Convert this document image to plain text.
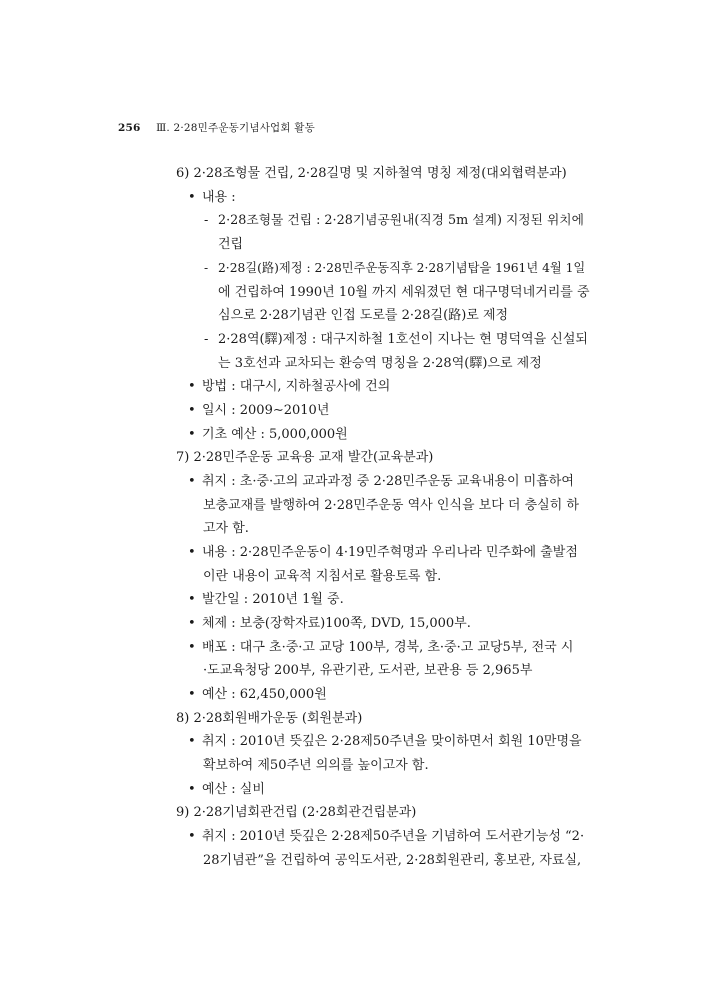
256 Ⅲ. 2·28민주운동기념사업회 활동
6) 2·28조형물 건립, 2·28길명 및 지하철역 명칭 제정(대외협력분과)
• 내용 :
- 2·28조형물 건립 : 2·28기념공원내(직경 5m 설계) 지정된 위치에
건립
- 2·28길(路)제정 : 2·28민주운동직후 2·28기념탑을 1961년 4월 1일
에 건립하여 1990년 10월 까지 세워졌던 현 대구명덕네거리를 중
심으로 2·28기념관 인접 도로를 2·28길(路)로 제정
- 2·28역(驛)제정 : 대구지하철 1호선이 지나는 현 명덕역을 신설되
는 3호선과 교차되는 환승역 명칭을 2·28역(驛)으로 제정
• 방법 : 대구시, 지하철공사에 건의
• 일시 : 2009∼2010년
• 기초 예산 : 5,000,000원
7) 2·28민주운동 교육용 교재 발간(교육분과)
• 취지 : 초·중·고의 교과과정 중 2·28민주운동 교육내용이 미흡하여
보충교재를 발행하여 2·28민주운동 역사 인식을 보다 더 충실히 하
고자 함.
• 내용 : 2·28민주운동이 4·19민주혁명과 우리나라 민주화에 출발점
이란 내용이 교육적 지침서로 활용토록 함.
• 발간일 : 2010년 1월 중.
• 체제 : 보충(장학자료)100쪽, DVD, 15,000부.
• 배포 : 대구 초·중·고 교당 100부, 경북, 초·중·고 교당5부, 전국 시
·도교육청당 200부, 유관기관, 도서관, 보관용 등 2,965부
• 예산 : 62,450,000원
8) 2·28회원배가운동 (회원분과)
• 취지 : 2010년 뜻깊은 2·28제50주년을 맞이하면서 회원 10만명을
확보하여 제50주년 의의를 높이고자 함.
• 예산 : 실비
9) 2·28기념회관건립 (2·28회관건립분과)
• 취지 : 2010년 뜻깊은 2·28제50주년을 기념하여 도서관기능성 “2·
28기념관”을 건립하여 공익도서관, 2·28회원관리, 홍보관, 자료실,
